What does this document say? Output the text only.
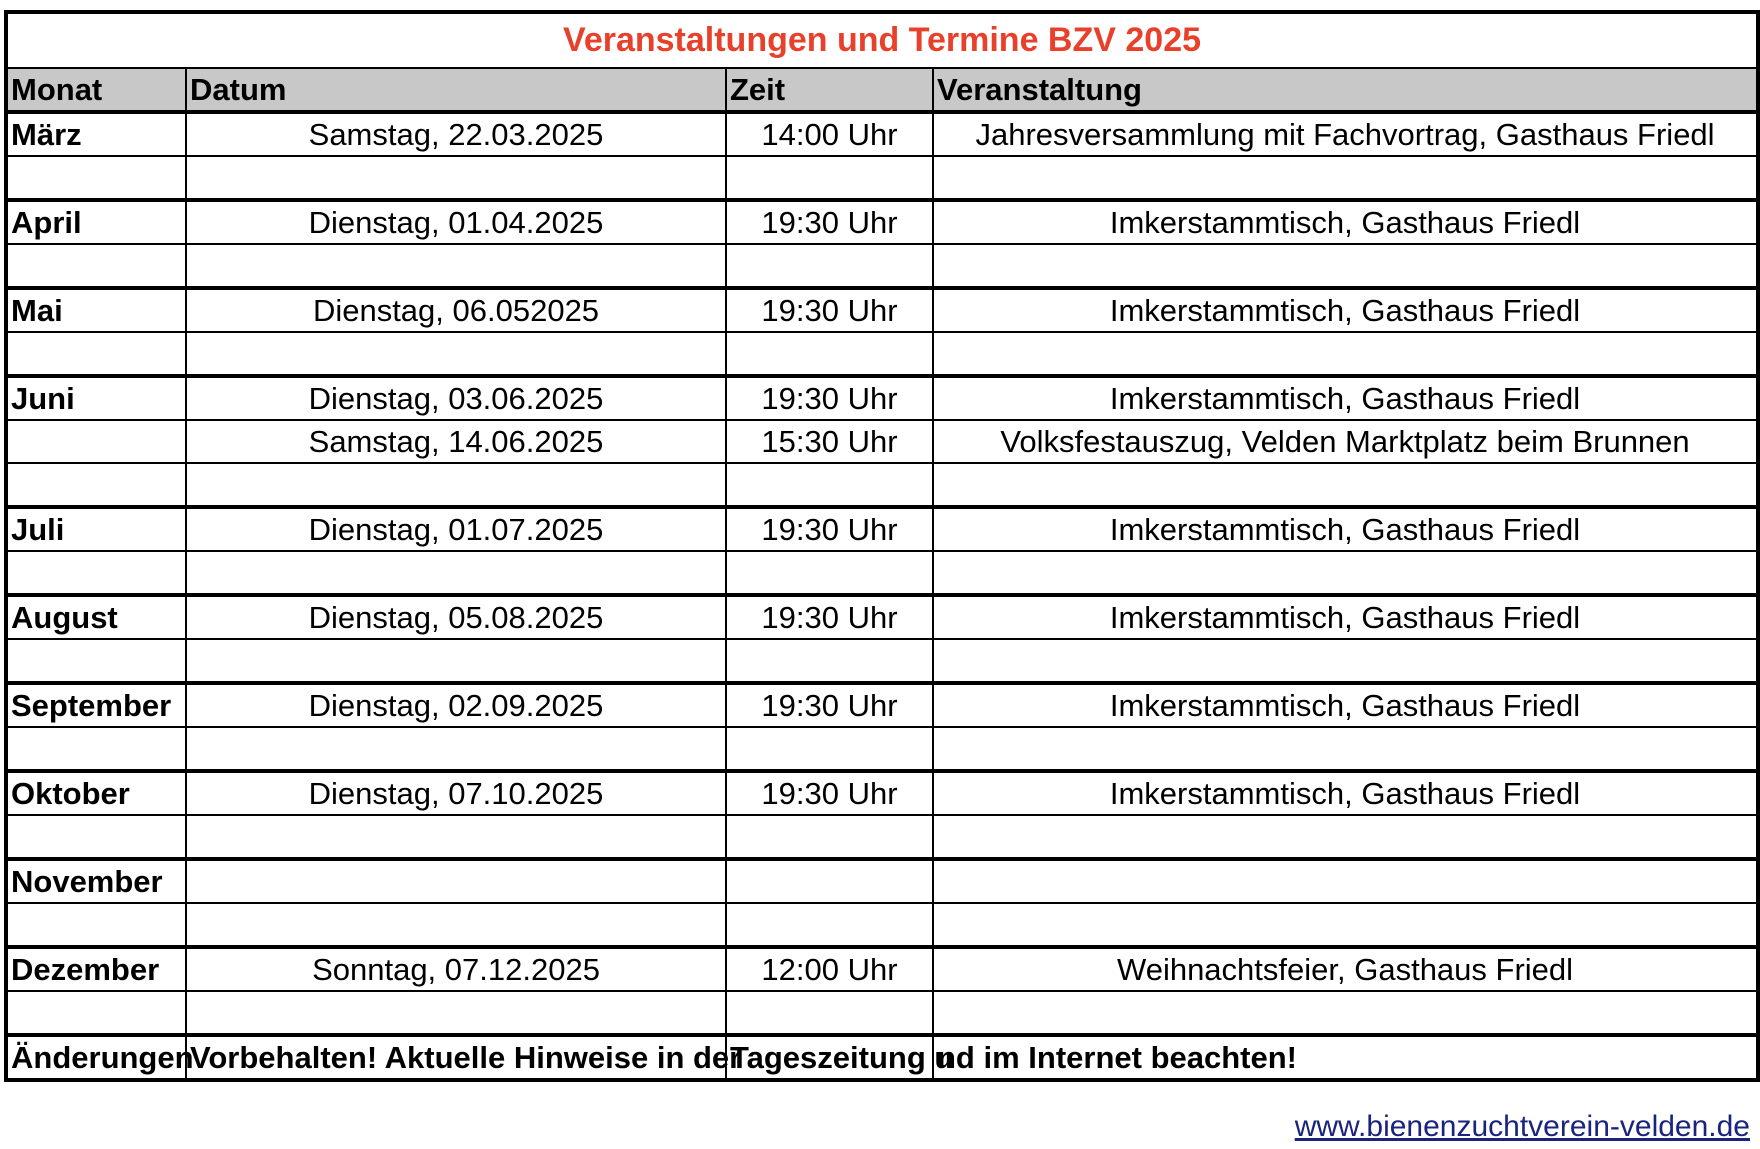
Veranstaltungen und Termine BZV 2025			
Monat	Datum	Zeit	Veranstaltung
März	Samstag, 22.03.2025	14:00 Uhr	Jahresversammlung mit Fachvortrag, Gasthaus Friedl

April	Dienstag, 01.04.2025	19:30 Uhr	Imkerstammtisch, Gasthaus Friedl

Mai	Dienstag, 06.052025	19:30 Uhr	Imkerstammtisch, Gasthaus Friedl

Juni	Dienstag, 03.06.2025	19:30 Uhr	Imkerstammtisch, Gasthaus Friedl
	Samstag, 14.06.2025	15:30 Uhr	Volksfestauszug, Velden Marktplatz beim Brunnen

Juli	Dienstag, 01.07.2025	19:30 Uhr	Imkerstammtisch, Gasthaus Friedl

August	Dienstag, 05.08.2025	19:30 Uhr	Imkerstammtisch, Gasthaus Friedl

September	Dienstag, 02.09.2025	19:30 Uhr	Imkerstammtisch, Gasthaus Friedl

Oktober	Dienstag, 07.10.2025	19:30 Uhr	Imkerstammtisch, Gasthaus Friedl

November			

Dezember	Sonntag, 07.12.2025	12:00 Uhr	Weihnachtsfeier, Gasthaus Friedl

Änderungen	Vorbehalten! Aktuelle Hinweise in der	Tageszeitung u	nd im Internet beachten!
www.bienenzuchtverein-velden.de
